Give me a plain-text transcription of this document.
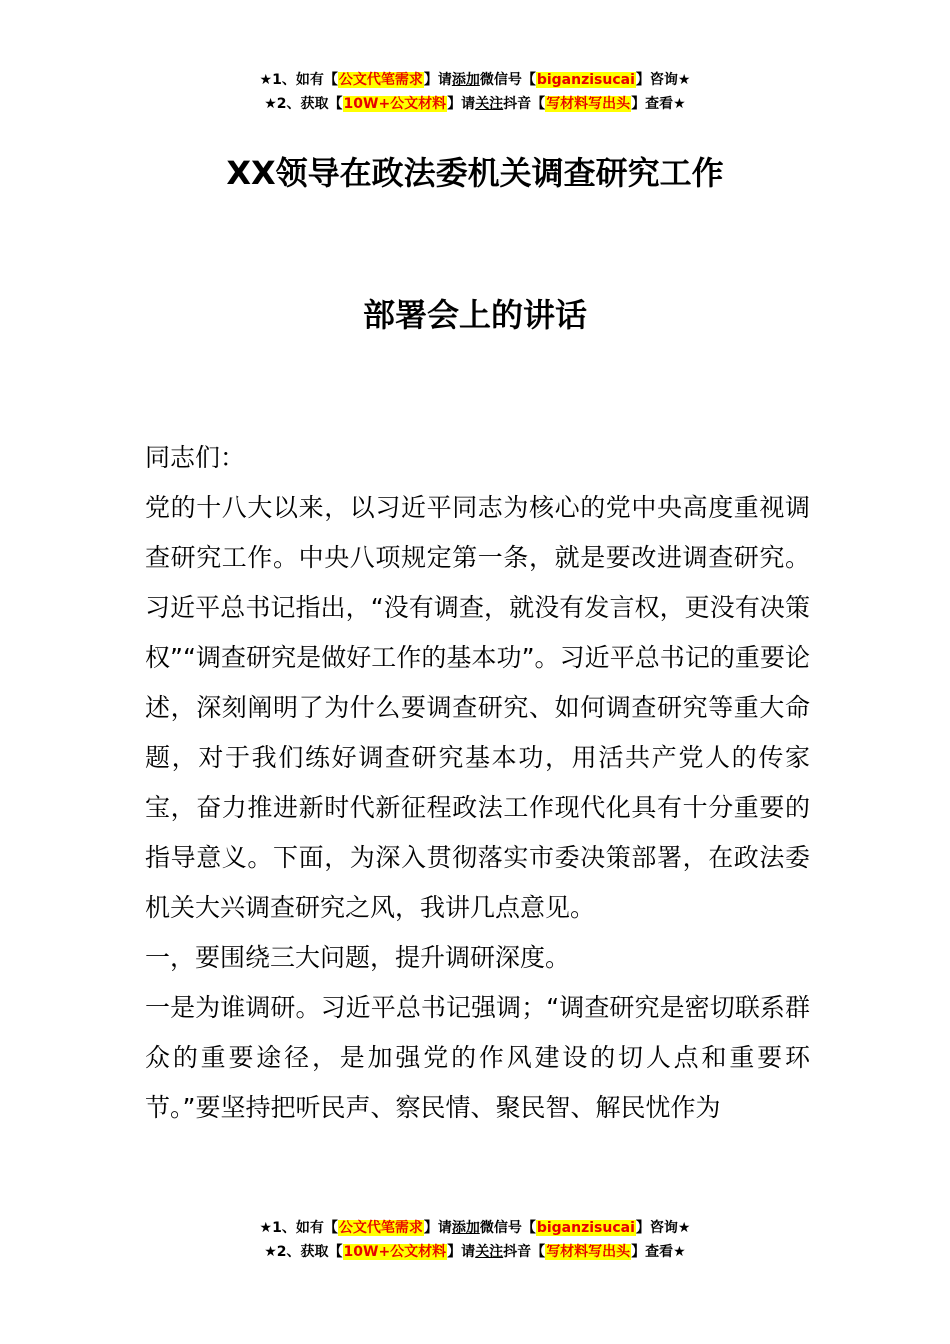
★1、如有【公文代笔需求】请添加微信号【biganzisucai】咨询★
★2、获取【10W+公文材料】请关注抖音【写材料写出头】查看★
XX领导在政法委机关调查研究工作
部署会上的讲话

同志们：

党的十八大以来，以习近平同志为核心的党中央高度重视调查研究工作。中央八项规定第一条，就是要改进调查研究。习近平总书记指出，“没有调查，就没有发言权，更没有决策权”“调查研究是做好工作的基本功”。习近平总书记的重要论述，深刻阐明了为什么要调查研究、如何调查研究等重大命题，对于我们练好调查研究基本功，用活共产党人的传家宝，奋力推进新时代新征程政法工作现代化具有十分重要的指导意义。下面，为深入贯彻落实市委决策部署，在政法委机关大兴调查研究之风，我讲几点意见。

一，要围绕三大问题，提升调研深度。

一是为谁调研。习近平总书记强调；“调查研究是密切联系群众的重要途径，是加强党的作风建设的切人点和重要环节。”要坚持把听民声、察民情、聚民智、解民忧作为

★1、如有【公文代笔需求】请添加微信号【biganzisucai】咨询★
★2、获取【10W+公文材料】请关注抖音【写材料写出头】查看★
